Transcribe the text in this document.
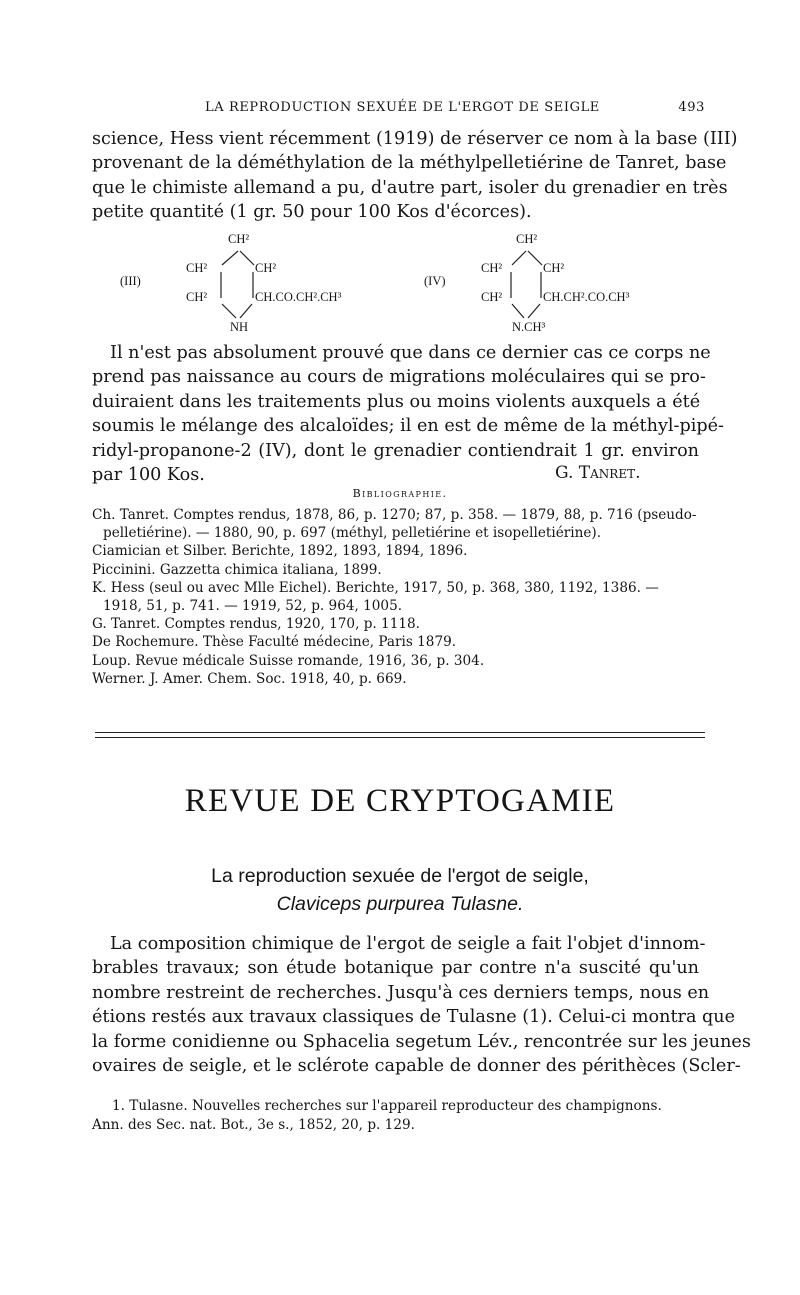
LA REPRODUCTION SEXUÉE DE L'ERGOT DE SEIGLE	493
science, Hess vient récemment (1919) de réserver ce nom à la base (III)
provenant de la déméthylation de la méthylpelletiérine de Tanret, base
que le chimiste allemand a pu, d'autre part, isoler du grenadier en très
petite quantité (1 gr. 50 pour 100 Kos d'écorces).
(III)
CH²
CH²	CH²
CH²	CH.CO.CH².CH³
NH
(IV)
CH²
CH²	CH²
CH²	CH.CH².CO.CH³
N.CH³
Il n'est pas absolument prouvé que dans ce dernier cas ce corps ne
prend pas naissance au cours de migrations moléculaires qui se pro-
duiraient dans les traitements plus ou moins violents auxquels a été
soumis le mélange des alcaloïdes; il en est de même de la méthyl-pipé-
ridyl-propanone-2 (IV), dont le grenadier contiendrait 1 gr. environ
par 100 Kos.	G. Tanret.
Bibliographie.
Ch. Tanret. Comptes rendus, 1878, 86, p. 1270; 87, p. 358. — 1879, 88, p. 716 (pseudo-pelletiérine). — 1880, 90, p. 697 (méthyl, pelletiérine et isopelletiérine).
Ciamician et Silber. Berichte, 1892, 1893, 1894, 1896.
Piccinini. Gazzetta chimica italiana, 1899.
K. Hess (seul ou avec Mlle Eichel). Berichte, 1917, 50, p. 368, 380, 1192, 1386. — 1918, 51, p. 741. — 1919, 52, p. 964, 1005.
G. Tanret. Comptes rendus, 1920, 170, p. 1118.
De Rochemure. Thèse Faculté médecine, Paris 1879.
Loup. Revue médicale Suisse romande, 1916, 36, p. 304.
Werner. J. Amer. Chem. Soc. 1918, 40, p. 669.
REVUE DE CRYPTOGAMIE
La reproduction sexuée de l'ergot de seigle,
Claviceps purpurea Tulasne.
La composition chimique de l'ergot de seigle a fait l'objet d'innom-
brables travaux; son étude botanique par contre n'a suscité qu'un
nombre restreint de recherches. Jusqu'à ces derniers temps, nous en
étions restés aux travaux classiques de Tulasne (1). Celui-ci montra que
la forme conidienne ou Sphacelia segetum Lév., rencontrée sur les jeunes
ovaires de seigle, et le sclérote capable de donner des périthèces (Scler-
1. Tulasne. Nouvelles recherches sur l'appareil reproducteur des champignons.
Ann. des Sec. nat. Bot., 3e s., 1852, 20, p. 129.
